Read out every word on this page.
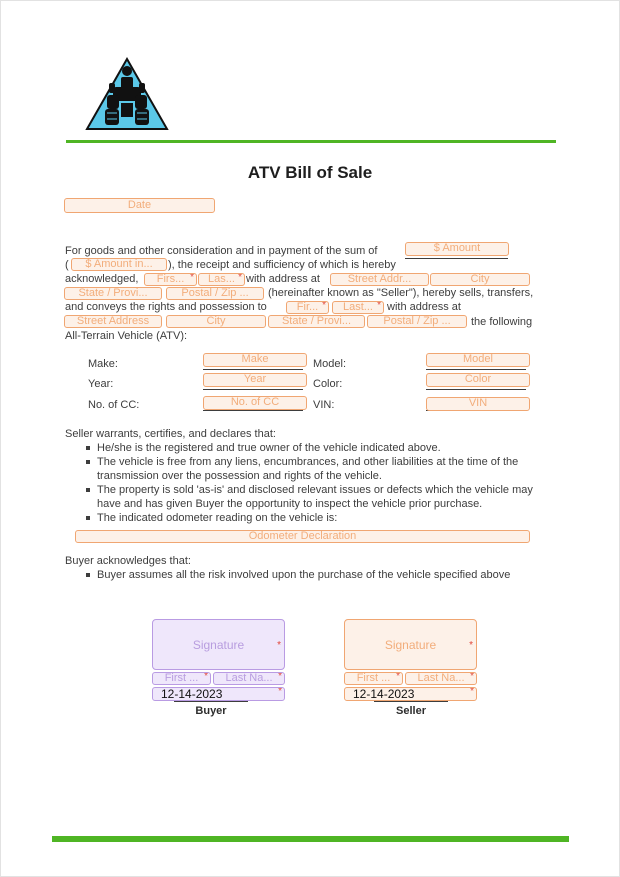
ATV Bill of Sale
Date
For goods and other consideration and in payment of the sum of	$ Amount
(	$ Amount in...	), the receipt and sufficiency of which is hereby
acknowledged,	Firs... *	Las... *	with address at	Street Addr...	City
State / Provi...	Postal / Zip ...	(hereinafter known as "Seller"), hereby sells, transfers,
and conveys the rights and possession to	Fir... *	Last... *	with address at
Street Address	City	State / Provi...	Postal / Zip ...	the following
All-Terrain Vehicle (ATV):
Make:	Make	Model:	Model
Year:	Year	Color:	Color
No. of CC:	No. of CC	VIN:	VIN
Seller warrants, certifies, and declares that:
He/she is the registered and true owner of the vehicle indicated above.
The vehicle is free from any liens, encumbrances, and other liabilities at the time of the transmission over the possession and rights of the vehicle.
The property is sold 'as-is' and disclosed relevant issues or defects which the vehicle may have and has given Buyer the opportunity to inspect the vehicle prior purchase.
The indicated odometer reading on the vehicle is:
Odometer Declaration
Buyer acknowledges that:
Buyer assumes all the risk involved upon the purchase of the vehicle specified above
Signature *
First ... *	Last Na... *
12-14-2023 *
Buyer
Signature *
First ... *	Last Na... *
12-14-2023 *
Seller
